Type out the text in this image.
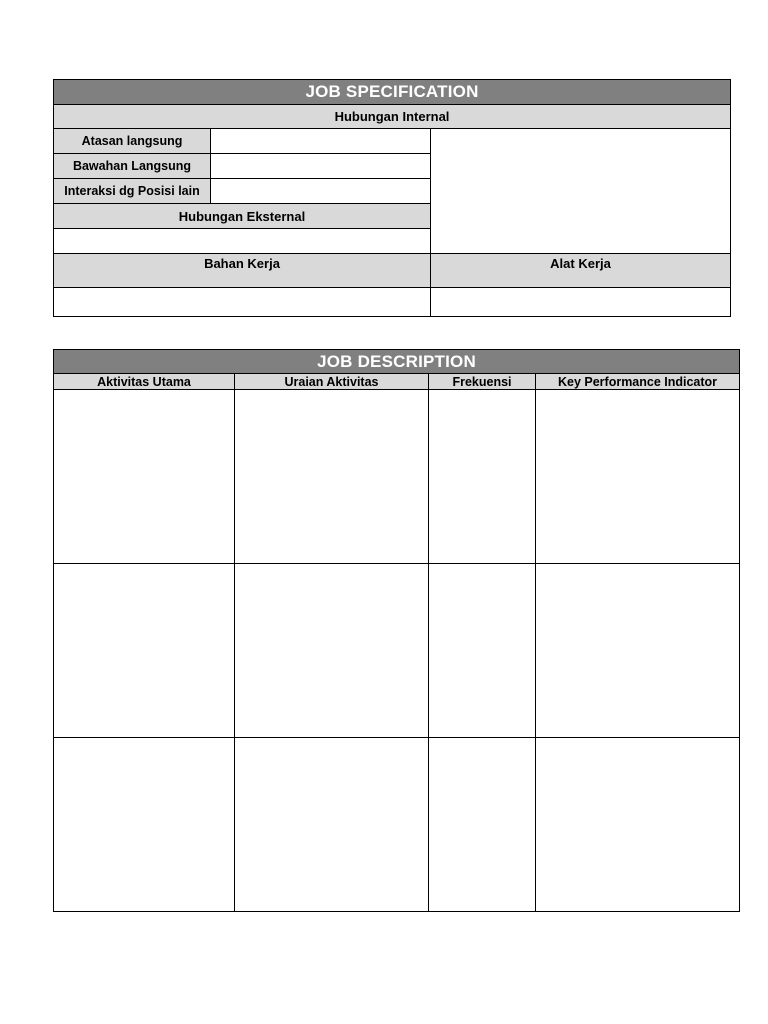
JOB SPECIFICATION		
Hubungan Internal		
Atasan langsung		
Bawahan Langsung		
Interaksi dg Posisi lain		
Hubungan Eksternal		

Bahan Kerja		Alat Kerja

JOB DESCRIPTION			
Aktivitas Utama	Uraian Aktivitas	Frekuensi	Key Performance Indicator
